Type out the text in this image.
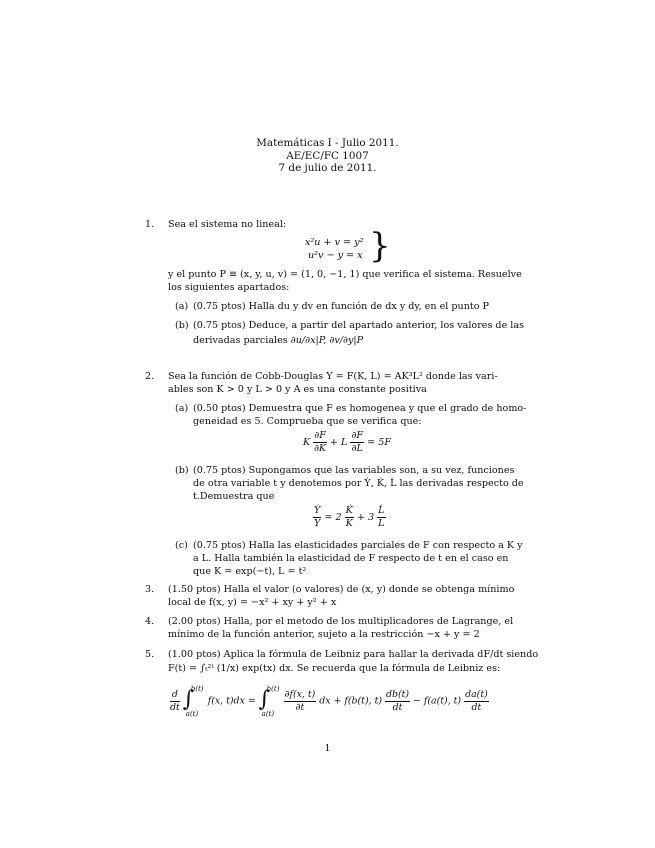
Matemáticas I - Julio 2011.
AE/EC/FC 1007
7 de julio de 2011.
1. Sea el sistema no lineal:
x²u + v = y²
u²v − y = x }
y el punto P ≡ (x, y, u, v) = (1, 0, −1, 1) que verifica el sistema. Resuelve
los siguientes apartados:
(a) (0.75 ptos) Halla du y dv en función de dx y dy, en el punto P
(b) (0.75 ptos) Deduce, a partir del apartado anterior, los valores de las
derivadas parciales ∂u/∂x|P, ∂v/∂y|P
2. Sea la función de Cobb-Douglas Y = F(K, L) = AK³L² donde las vari-
ables son K > 0 y L > 0 y A es una constante positiva
(a) (0.50 ptos) Demuestra que F es homogenea y que el grado de homo-
geneidad es 5. Comprueba que se verifica que:
K $\frac{\partial F}{\partial K} + L \frac{\partial F}{\partial L} = 5F$
(b) (0.75 ptos) Supongamos que las variables son, a su vez, funciones
de otra variable t y denotemos por Ẏ, K̇, L̇ las derivadas respecto de
t.Demuestra que
$\frac{\text{Ẏ}}{Y} = 2 \frac{K̇}{K} + 3 \frac{L̇}{L}$
(c) (0.75 ptos) Halla las elasticidades parciales de F con respecto a K y
a L. Halla también la elasticidad de F respecto de t en el caso en
que K = exp(−t), L = t²
3. (1.50 ptos) Halla el valor (o valores) de (x, y) donde se obtenga mínimo
local de f(x, y) = −x² + xy + y² + x
4. (2.00 ptos) Halla, por el metodo de los multiplicadores de Lagrange, el
mínimo de la función anterior, sujeto a la restricción −x + y = 2
5. (1.00 ptos) Aplica la fórmula de Leibniz para hallar la derivada dF/dt siendo
F(t) = ∫ₜ²ᵗ (1/x) exp(tx) dx. Se recuerda que la fórmula de Leibniz es:
$\frac{d}{dt}$
∫
b(t)
a(t)
f(x, t)dx = ∫
b(t)
a(t)

$\frac{\partial f(x, t)}{\partial t}$ dx + f(b(t), $t) \frac{db(t)}{dt} - f(a(t)$, $t) \frac{da(t)}{dt}$
1
